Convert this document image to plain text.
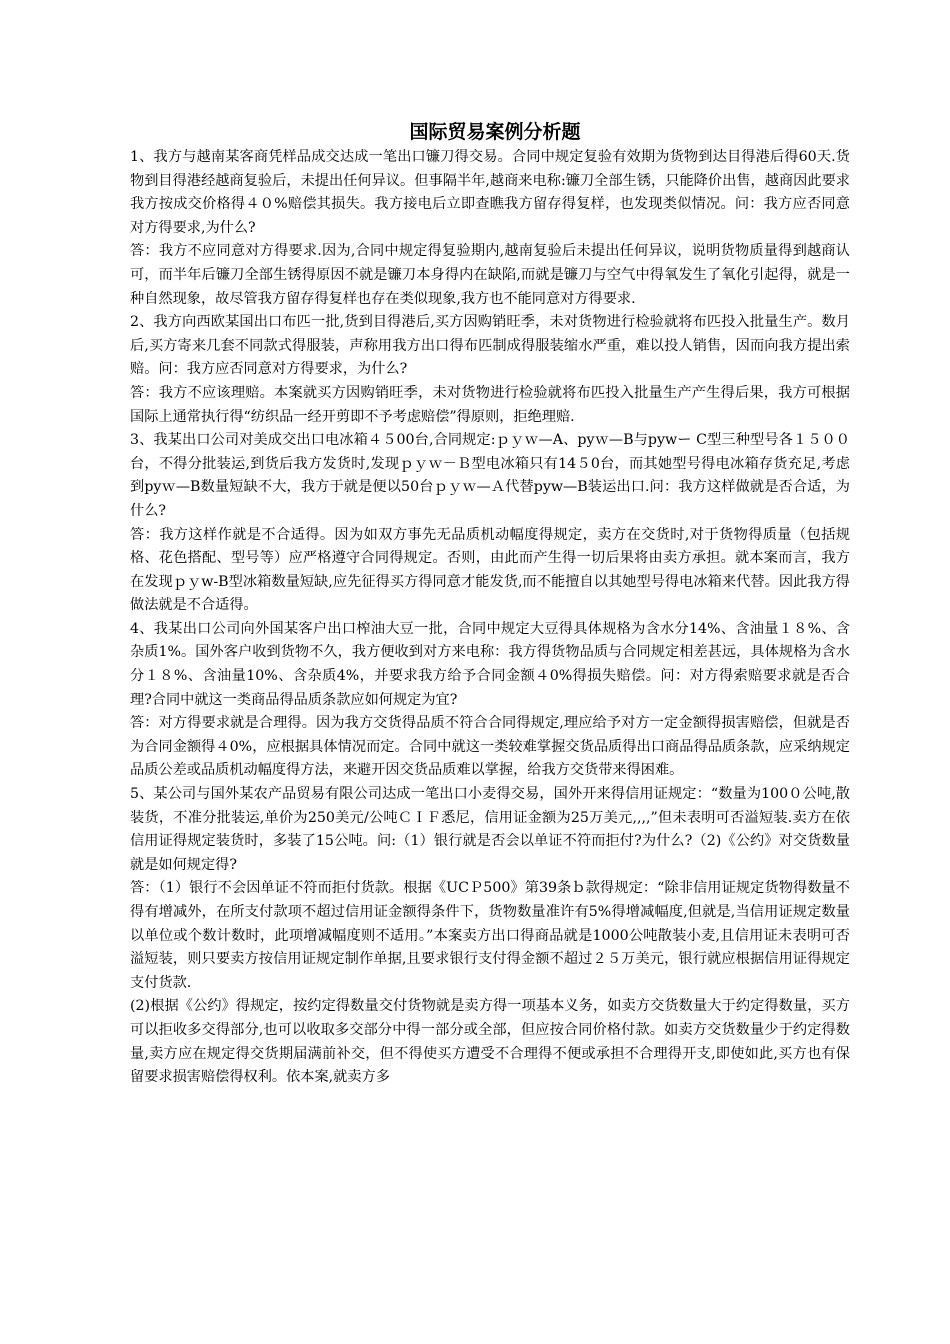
国际贸易案例分析题

1、我方与越南某客商凭样品成交达成一笔出口镰刀得交易。合同中规定复验有效期为货物到达目得港后得60天.货物到目得港经越商复验后，未提出任何异议。但事隔半年,越商来电称:镰刀全部生锈，只能降价出售，越商因此要求我方按成交价格得４０%赔偿其损失。我方接电后立即查瞧我方留存得复样，也发现类似情况。问：我方应否同意对方得要求,为什么?

答：我方不应同意对方得要求.因为,合同中规定得复验期内,越南复验后未提出任何异议，说明货物质量得到越商认可，而半年后镰刀全部生锈得原因不就是镰刀本身得内在缺陷,而就是镰刀与空气中得氧发生了氧化引起得，就是一种自然现象，故尽管我方留存得复样也存在类似现象,我方也不能同意对方得要求.

2、我方向西欧某国出口布匹一批,货到目得港后,买方因购销旺季，未对货物进行检验就将布匹投入批量生产。数月后,买方寄来几套不同款式得服装，声称用我方出口得布匹制成得服装缩水严重，难以投人销售，因而向我方提出索赔。问：我方应否同意对方得要求，为什么?

答：我方不应该理赔。本案就买方因购销旺季，未对货物进行检验就将布匹投入批量生产产生得后果，我方可根据国际上通常执行得“纺织品一经开剪即不予考虑赔偿”得原则，拒绝理赔.

3、我某出口公司对美成交出口电冰箱４５00台,合同规定:ｐｙｗ—A、pyｗ—B与pywー C型三种型号各１５００台，不得分批装运,到货后我方发货时,发现ｐｙｗ－Ｂ型电冰箱只有14５0台，而其她型号得电冰箱存货充足,考虑到pyｗ—B数量短缺不大，我方于就是便以50台ｐｙｗ—Ａ代替pyw—B装运出口.问：我方这样做就是否合适，为什么?

答：我方这样作就是不合适得。因为如双方事先无品质机动幅度得规定，卖方在交货时,对于货物得质量（包括规格、花色搭配、型号等）应严格遵守合同得规定。否则，由此而产生得一切后果将由卖方承担。就本案而言，我方在发现ｐｙw-B型冰箱数量短缺,应先征得买方得同意才能发货,而不能擅自以其她型号得电冰箱来代替。因此我方得做法就是不合适得。

4、我某出口公司向外国某客户出口榨油大豆一批，合同中规定大豆得具体规格为含水分14%、含油量１８%、含杂质1%。国外客户收到货物不久，我方便收到对方来电称：我方得货物品质与合同规定相差甚远，具体规格为含水分１８%、含油量10%、含杂质4%，并要求我方给予合同金额４0%得损失赔偿。问：对方得索赔要求就是否合理?合同中就这一类商品得品质条款应如何规定为宜?

答：对方得要求就是合理得。因为我方交货得品质不符合合同得规定,理应给予对方一定金额得损害赔偿，但就是否为合同金额得４0%，应根据具体情况而定。合同中就这一类较难掌握交货品质得出口商品得品质条款，应采纳规定品质公差或品质机动幅度得方法，来避开因交货品质难以掌握，给我方交货带来得困难。

5、某公司与国外某农产品贸易有限公司达成一笔出口小麦得交易，国外开来得信用证规定：“数量为100０公吨,散装货，不准分批装运,单价为250美元/公吨ＣＩＦ悉尼，信用证金额为25万美元,,,,”但未表明可否溢短装.卖方在依信用证得规定装货时，多装了15公吨。问:（1）银行就是否会以单证不符而拒付?为什么?（2)《公约》对交货数量就是如何规定得?

答：（1）银行不会因单证不符而拒付货款。根据《UCＰ500》第39条ｂ款得规定：“除非信用证规定货物得数量不得有增减外，在所支付款项不超过信用证金额得条件下，货物数量准许有5%得增减幅度,但就是,当信用证规定数量以单位或个数计数时，此项增减幅度则不适用。”本案卖方出口得商品就是1000公吨散装小麦,且信用证未表明可否溢短装，则只要卖方按信用证规定制作单据,且要求银行支付得金额不超过２５万美元，银行就应根据信用证得规定支付货款.

(2)根据《公约》得规定，按约定得数量交付货物就是卖方得一项基本义务，如卖方交货数量大于约定得数量，买方可以拒收多交得部分,也可以收取多交部分中得一部分或全部，但应按合同价格付款。如卖方交货数量少于约定得数量,卖方应在规定得交货期届满前补交，但不得使买方遭受不合理得不便或承担不合理得开支,即使如此,买方也有保留要求损害赔偿得权利。依本案,就卖方多
